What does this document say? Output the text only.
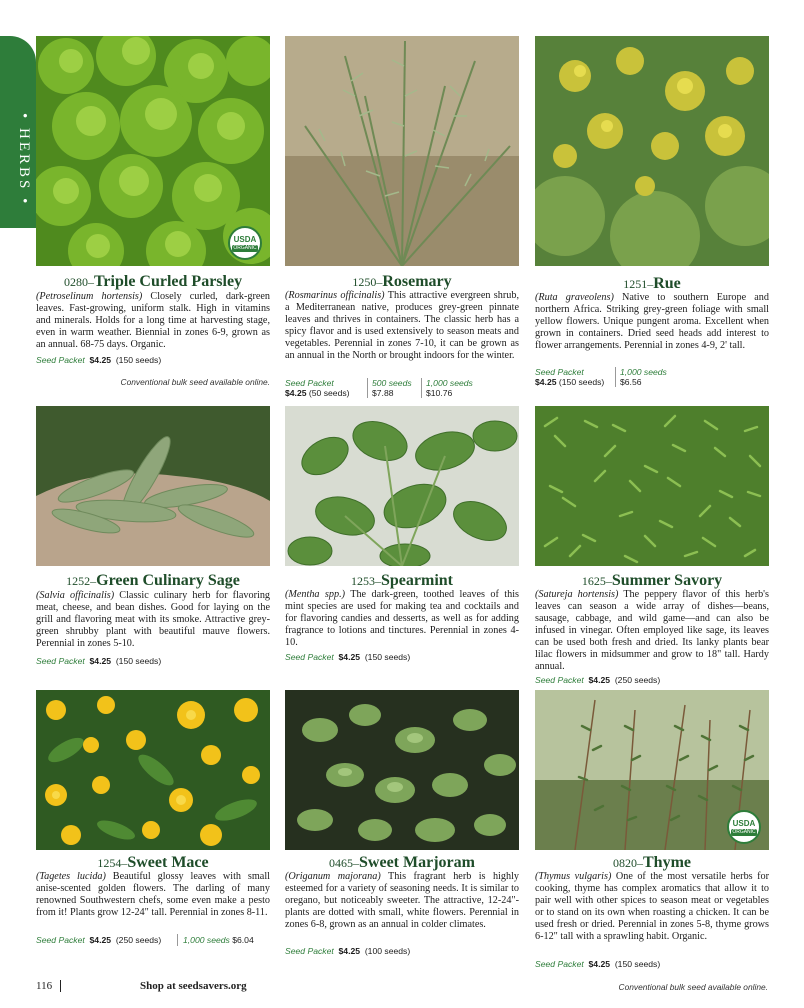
• HERBS •
USDA
ORGANIC
0280–Triple Curled Parsley
(Petroselinum hortensis) Closely curled, dark-green leaves. Fast-growing, uniform stalk. High in vitamins and minerals. Holds for a long time at harvesting stage, even in warm weather. Biennial in zones 6-9, grown as an annual. 68-75 days. Organic.
Seed Packet $4.25 (150 seeds)
Conventional bulk seed available online.
1250–Rosemary
(Rosmarinus officinalis) This attractive evergreen shrub, a Mediterranean native, produces grey-green pinnate leaves and thrives in containers. The classic herb has a spicy flavor and is used extensively to season meats and vegetables. Perennial in zones 7-10, it can be grown as an annual in the North or brought indoors for the winter.
Seed Packet
$4.25 (50 seeds)
500 seeds
$7.88
1,000 seeds
$10.76
1251–Rue
(Ruta graveolens) Native to southern Europe and northern Africa. Striking grey-green foliage with small yellow flowers. Unique pungent aroma. Excellent when grown in containers. Dried seed heads add interest to flower arrangements. Perennial in zones 4-9, 2' tall.
Seed Packet
$4.25 (150 seeds)
1,000 seeds
$6.56
1252–Green Culinary Sage
(Salvia officinalis) Classic culinary herb for flavoring meat, cheese, and bean dishes. Good for laying on the grill and flavoring meat with its smoke. Attractive grey-green shrubby plant with beautiful mauve flowers. Perennial in zones 5-10.
Seed Packet $4.25 (150 seeds)
1253–Spearmint
(Mentha spp.) The dark-green, toothed leaves of this mint species are used for making tea and cocktails and for flavoring candies and desserts, as well as for adding fragrance to lotions and tinctures. Perennial in zones 4-10.
Seed Packet $4.25 (150 seeds)
1625–Summer Savory
(Satureja hortensis) The peppery flavor of this herb's leaves can season a wide array of dishes—beans, sausage, cabbage, and wild game—and can also be infused in vinegar. Often employed like sage, its leaves can be used both fresh and dried. Its lanky plants bear lilac flowers in midsummer and grow to 18" tall. Hardy annual.
Seed Packet $4.25 (250 seeds)
1254–Sweet Mace
(Tagetes lucida) Beautiful glossy leaves with small anise-scented golden flowers. The darling of many renowned Southwestern chefs, some even make a pesto from it! Plants grow 12-24" tall. Perennial in zones 8-11.
Seed Packet $4.25 (250 seeds)	1,000 seeds $6.04
0465–Sweet Marjoram
(Origanum majorana) This fragrant herb is highly esteemed for a variety of seasoning needs. It is similar to oregano, but noticeably sweeter. The attractive, 12-24"-plants are dotted with small, white flowers. Perennial in zones 6-8, grown as an annual in colder climates.
Seed Packet $4.25 (100 seeds)
USDA
ORGANIC
0820–Thyme
(Thymus vulgaris) One of the most versatile herbs for cooking, thyme has complex aromatics that allow it to pair well with other spices to season meat or vegetables or to stand on its own when roasting a chicken. It can be used fresh or dried. Perennial in zones 5-8, thyme grows 6-12" tall with a sprawling habit. Organic.
Seed Packet $4.25 (150 seeds)
116	Shop at seedsavers.org	Conventional bulk seed available online.
